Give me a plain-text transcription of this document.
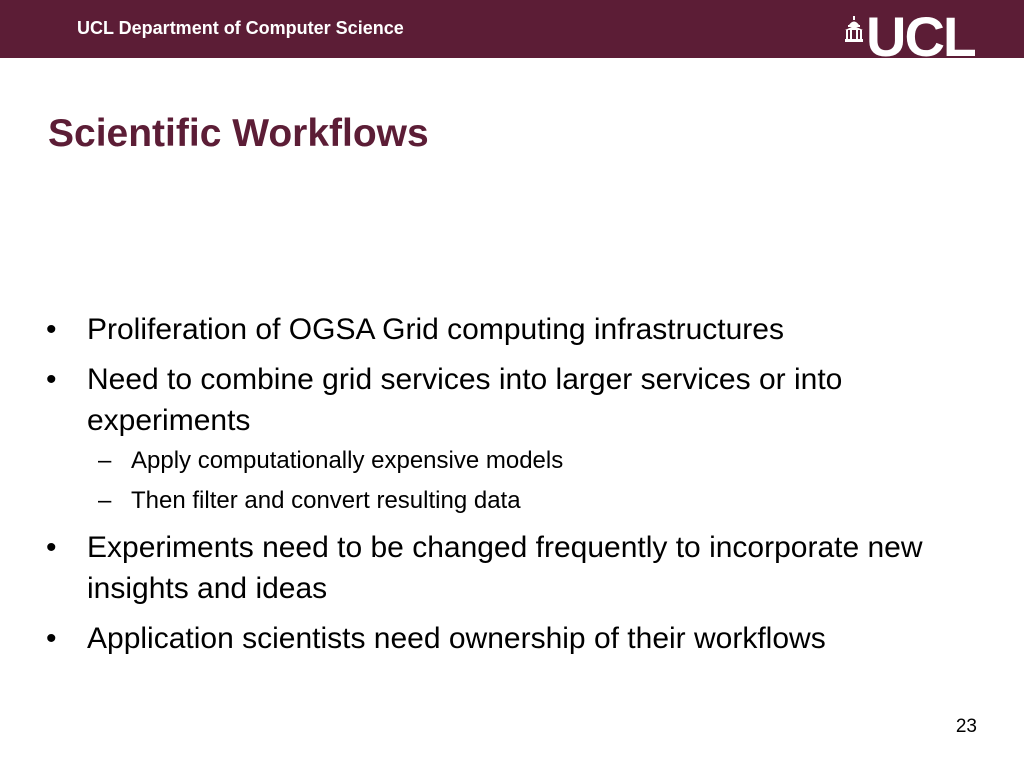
UCL Department of Computer Science	UCL
Scientific Workflows
• Proliferation of OGSA Grid computing infrastructures
• Need to combine grid services into larger services or into experiments
– Apply computationally expensive models
– Then filter and convert resulting data
• Experiments need to be changed frequently to incorporate new insights and ideas
• Application scientists need ownership of their workflows
23
